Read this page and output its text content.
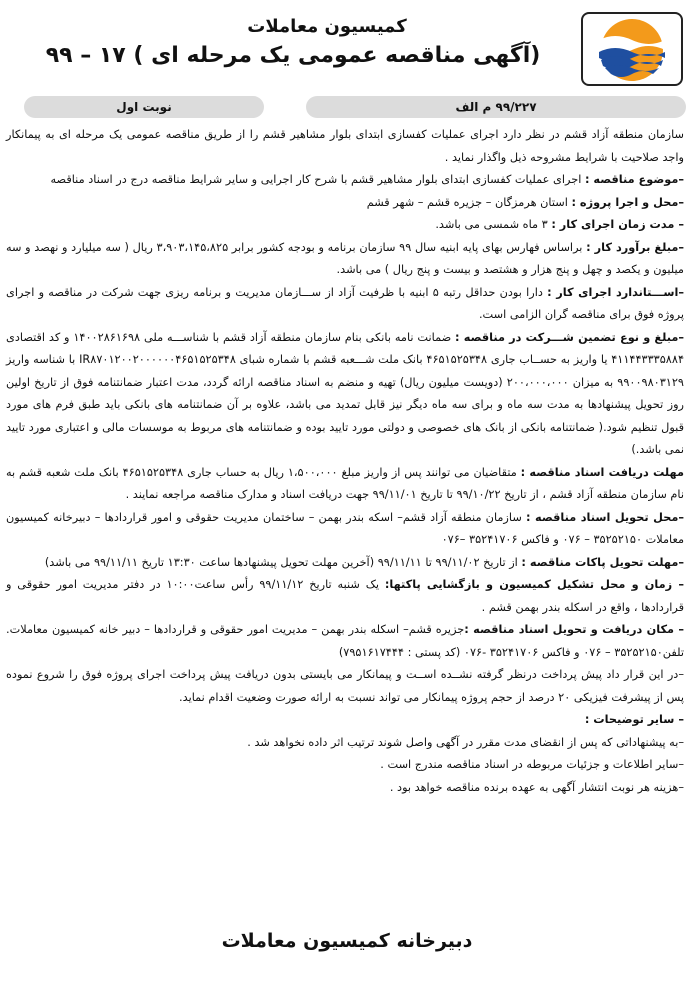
کمیسیون معاملات
(آگهی مناقصه عمومی یک مرحله ای ) ۱۷ – ۹۹
۹۹/۲۲۷ م الف
نوبت اول

سازمان منطقه آزاد قشم در نظر دارد اجرای عملیات کفسازی ابتدای بلوار مشاهیر قشم را از طریق مناقصه عمومی یک مرحله ای به پیمانکار واجد صلاحیت با شرایط مشروحه ذیل واگذار نماید .

–موضوع مناقصه : اجرای عملیات کفسازی ابتدای بلوار مشاهیر قشم با شرح کار اجرایی و سایر شرایط مناقصه درج در اسناد مناقصه

–محل و اجرا پروژه : استان هرمزگان – جزیره قشم – شهر قشم

– مدت زمان اجرای کار : ۳ ماه شمسی می باشد.

–مبلغ برآورد کار : براساس فهارس بهای پایه ابنیه سال ۹۹ سازمان برنامه و بودجه کشور برابر ۳،۹۰۳،۱۴۵،۸۲۵ ریال ( سه میلیارد و نهصد و سه میلیون و یکصد و چهل و پنج هزار و هشتصد و بیست و پنج ریال ) می باشد.

–اســـتاندارد اجرای کار : دارا بودن حداقل رتبه ۵ ابنیه با ظرفیت آزاد از ســـازمان مدیریت و برنامه ریزی جهت شرکت در مناقصه و اجرای پروژه فوق برای مناقصه گران الزامی است.

–مبلغ و نوع تضمین شـــرکت در مناقصه : ضمانت نامه بانکی بنام سازمان منطقه آزاد قشم با شناســـه ملی ۱۴۰۰۲۸۶۱۶۹۸ و کد اقتصادی ۴۱۱۴۴۳۳۳۵۸۸۴ یا واریز به حســاب جاری ۴۶۵۱۵۲۵۳۴۸ بانک ملت شـــعبه قشم با شماره شبای IR۸۷۰۱۲۰۰۲۰۰۰۰۰۰۴۶۵۱۵۲۵۳۴۸ با شناسه واریز ۹۹۰۰۹۸۰۳۱۲۹ به میزان ۲۰۰،۰۰۰،۰۰۰ (دویست میلیون ریال) تهیه و منضم به اسناد مناقصه ارائه گردد، مدت اعتبار ضمانتنامه فوق از تاریخ اولین روز تحویل پیشنهادها به مدت سه ماه و برای سه ماه دیگر نیز قابل تمدید می باشد، علاوه بر آن ضمانتنامه های بانکی باید طبق فرم های مورد قبول تنظیم شود.( ضمانتنامه بانکی از بانک های خصوصی و دولتی مورد تایید بوده و ضمانتنامه های مربوط به موسسات مالی و اعتباری مورد تایید نمی باشد.)

مهلت دریافت اسناد مناقصه : متقاضیان می توانند پس از واریز مبلغ ۱،۵۰۰،۰۰۰ ریال به حساب جاری ۴۶۵۱۵۲۵۳۴۸ بانک ملت شعبه قشم به نام سازمان منطقه آزاد قشم ، از تاریخ ۹۹/۱۰/۲۲ تا تاریخ ۹۹/۱۱/۰۱ جهت دریافت اسناد و مدارک مناقصه مراجعه نمایند .

–محل تحویل اسناد مناقصه : سازمان منطقه آزاد قشم– اسکه بندر بهمن – ساختمان مدیریت حقوقی و امور قراردادها – دبیرخانه کمیسیون معاملات ۳۵۲۵۲۱۵۰ – ۰۷۶ و فاکس ۳۵۲۴۱۷۰۶ –۰۷۶

–مهلت تحویل پاکات مناقصه : از تاریخ ۹۹/۱۱/۰۲ تا ۹۹/۱۱/۱۱ (آخرین مهلت تحویل پیشنهادها ساعت ۱۳:۳۰ تاریخ ۹۹/۱۱/۱۱ می باشد)

– زمان و محل تشکیل کمیسیون و بازگشایی پاکتها: یک شنبه تاریخ ۹۹/۱۱/۱۲ رأس ساعت۱۰:۰۰ در دفتر مدیریت امور حقوقی و قراردادها ، واقع در اسکله بندر بهمن قشم .

– مکان دریافت و تحویل اسناد مناقصه :جزیره قشم– اسکله بندر بهمن – مدیریت امور حقوقی و قراردادها – دبیر خانه کمیسیون معاملات. تلفن۳۵۲۵۲۱۵۰ – ۰۷۶ و فاکس ۳۵۲۴۱۷۰۶ -۰۷۶ (کد پستی : ۷۹۵۱۶۱۷۴۴۴)

–در این قرار داد پیش پرداخت درنظر گرفته نشــده اســت و پیمانکار می بایستی بدون دریافت پیش پرداخت اجرای پروژه فوق را شروع نموده پس از پیشرفت فیزیکی ۲۰ درصد از حجم پروژه پیمانکار می تواند نسبت به ارائه صورت وضعیت اقدام نماید.

– سایر توضیحات :

–به پیشنهاداتی که پس از انقضای مدت مقرر در آگهی واصل شوند ترتیب اثر داده نخواهد شد .

–سایر اطلاعات و جزئیات مربوطه در اسناد مناقصه مندرج است .

–هزینه هر نوبت انتشار آگهی به عهده برنده مناقصه خواهد بود .

دبیرخانه کمیسیون معاملات
